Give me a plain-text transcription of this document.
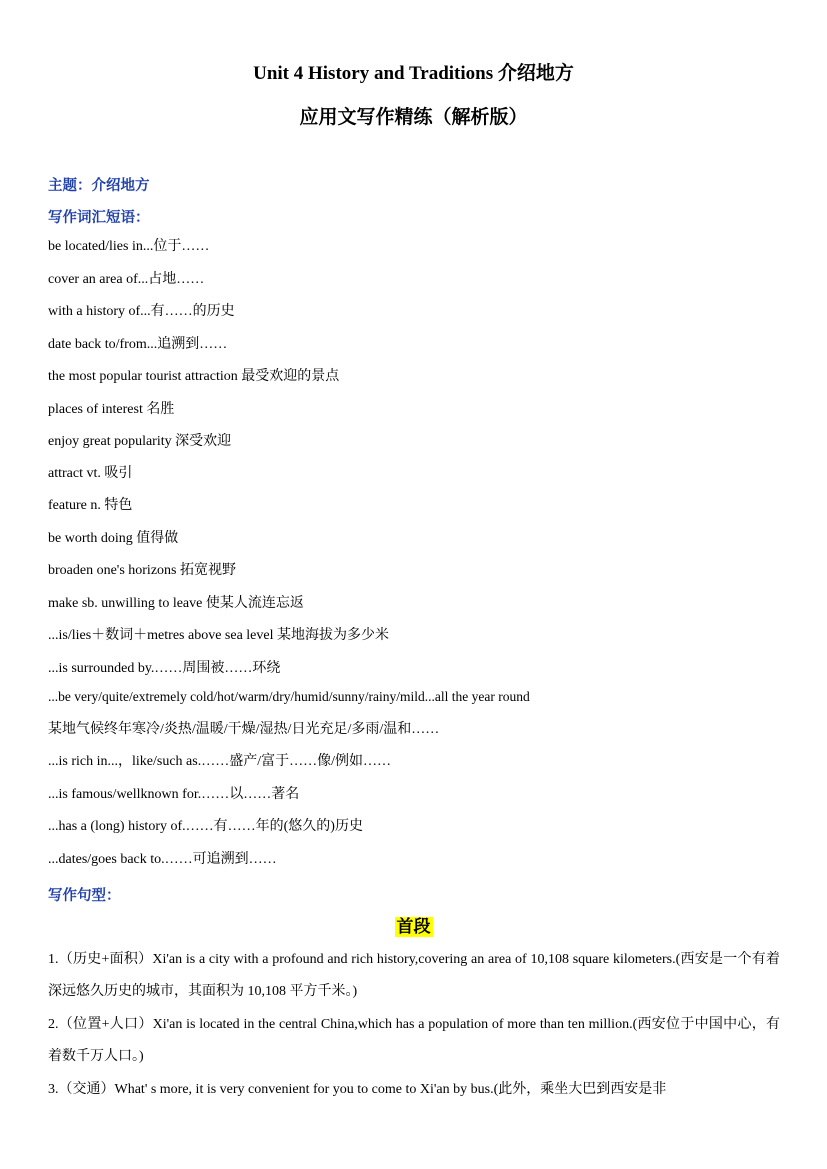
Unit 4 History and Traditions 介绍地方
应用文写作精练（解析版）
主题：介绍地方
写作词汇短语：
be located/lies in...位于……
cover an area of...占地……
with a history of...有……的历史
date back to/from...追溯到……
the most popular tourist attraction 最受欢迎的景点
places of interest 名胜
enjoy great popularity 深受欢迎
attract vt. 吸引
feature n. 特色
be worth doing 值得做
broaden one's horizons 拓宽视野
make sb. unwilling to leave 使某人流连忘返
...is/lies＋数词＋metres above sea level 某地海拔为多少米
...is surrounded by.……周围被……环绕
...be very/quite/extremely cold/hot/warm/dry/humid/sunny/rainy/mild...all the year round
某地气候终年寒冷/炎热/温暖/干燥/湿热/日光充足/多雨/温和……
...is rich in...，like/such as.……盛产/富于……像/例如……
...is famous/wellknown for.……以……著名
...has a (long) history of.……有……年的(悠久的)历史
...dates/goes back to.……可追溯到……
写作句型：
首段
1.（历史+面积）Xi'an is a city with a profound and rich history,covering an area of 10,108 square kilometers.(西安是一个有着深远悠久历史的城市，其面积为 10,108 平方千米。)
2.（位置+人口）Xi'an is located in the central China,which has a population of more than ten million.(西安位于中国中心，有着数千万人口。)
3.（交通）What' s more, it is very convenient for you to come to Xi'an by bus.(此外，乘坐大巴到西安是非
